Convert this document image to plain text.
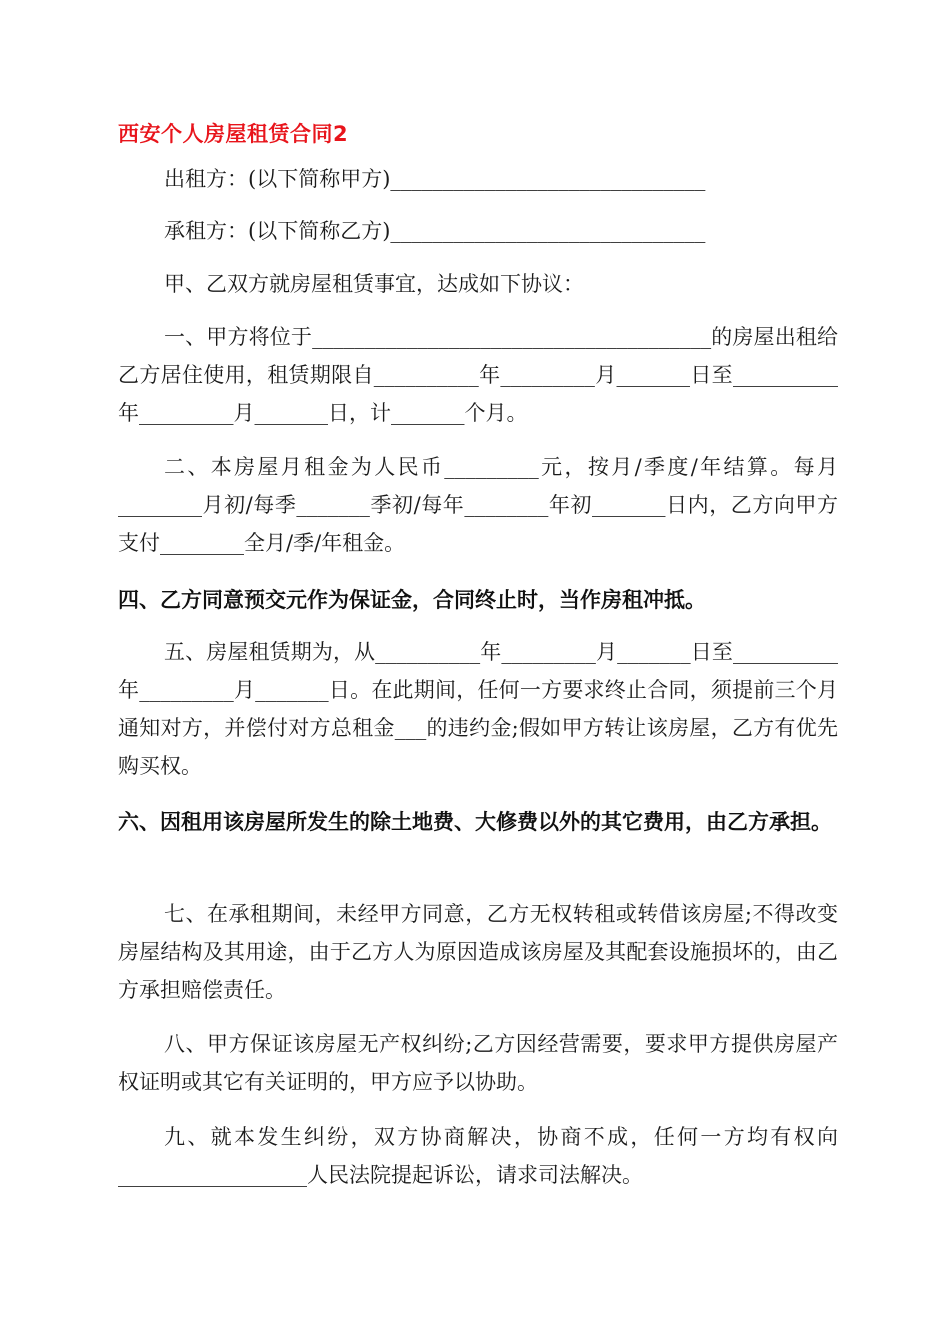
西安个人房屋租赁合同2
出租方：(以下简称甲方)______________________________
承租方：(以下简称乙方)______________________________
甲、乙双方就房屋租赁事宜，达成如下协议：
一、甲方将位于______________________________________的房屋出租给乙方居住使用，租赁期限自__________年_________月_______日至__________年_________月_______日，计_______个月。
二、本房屋月租金为人民币_________元，按月/季度/年结算。每月________月初/每季_______季初/每年________年初_______日内，乙方向甲方支付________全月/季/年租金。
四、乙方同意预交元作为保证金，合同终止时，当作房租冲抵。
五、房屋租赁期为，从__________年_________月_______日至__________年_________月_______日。在此期间，任何一方要求终止合同，须提前三个月通知对方，并偿付对方总租金___的违约金;假如甲方转让该房屋，乙方有优先购买权。
六、因租用该房屋所发生的除土地费、大修费以外的其它费用，由乙方承担。
七、在承租期间，未经甲方同意，乙方无权转租或转借该房屋;不得改变房屋结构及其用途，由于乙方人为原因造成该房屋及其配套设施损坏的，由乙方承担赔偿责任。
八、甲方保证该房屋无产权纠纷;乙方因经营需要，要求甲方提供房屋产权证明或其它有关证明的，甲方应予以协助。
九、就本发生纠纷，双方协商解决，协商不成，任何一方均有权向__________________人民法院提起诉讼，请求司法解决。
